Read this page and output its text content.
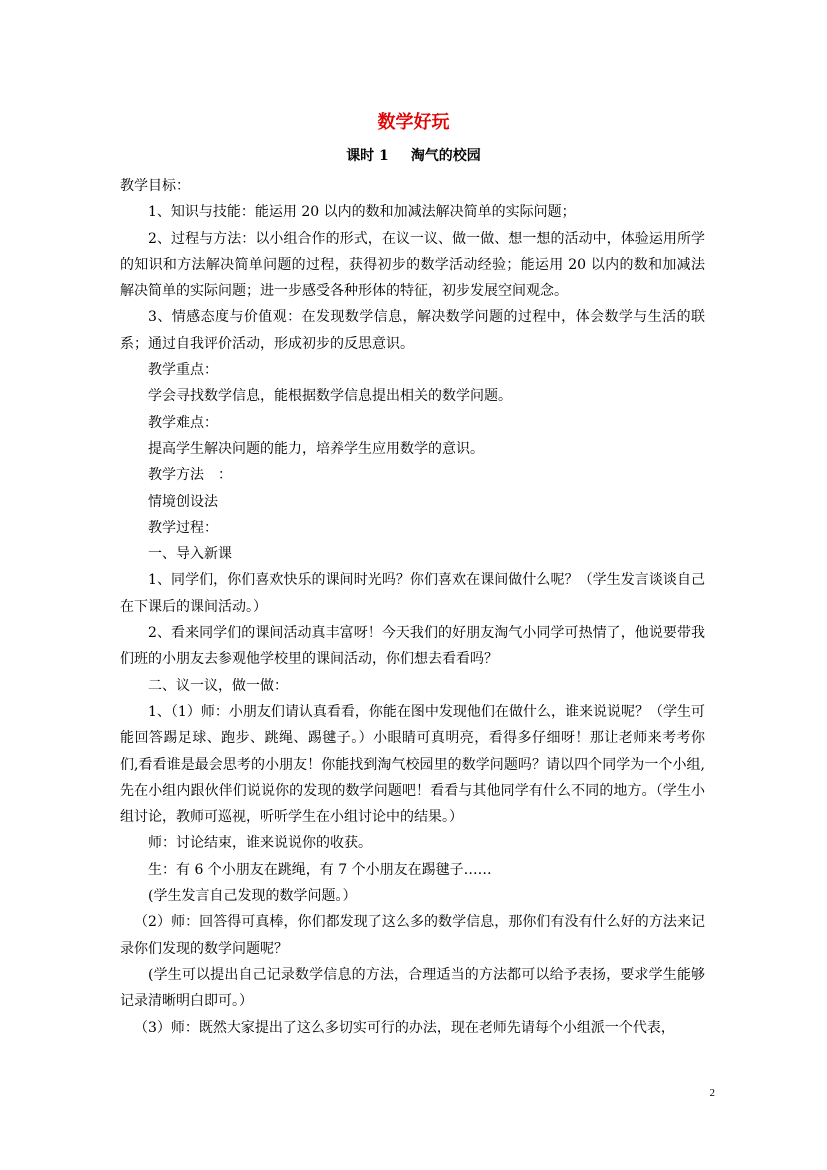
数学好玩
课时 1 淘气的校园

教学目标：

1、知识与技能：能运用 20 以内的数和加减法解决简单的实际问题；

2、过程与方法：以小组合作的形式，在议一议、做一做、想一想的活动中，体验运用所学的知识和方法解决简单问题的过程，获得初步的数学活动经验；能运用 20 以内的数和加减法解决简单的实际问题；进一步感受各种形体的特征，初步发展空间观念。

3、情感态度与价值观：在发现数学信息，解决数学问题的过程中，体会数学与生活的联系；通过自我评价活动，形成初步的反思意识。

教学重点：

学会寻找数学信息，能根据数学信息提出相关的数学问题。

教学难点：

提高学生解决问题的能力，培养学生应用数学的意识。

教学方法　：

情境创设法

教学过程：

一、导入新课

1、同学们，你们喜欢快乐的课间时光吗？你们喜欢在课间做什么呢？（学生发言谈谈自己在下课后的课间活动。）

2、看来同学们的课间活动真丰富呀！今天我们的好朋友淘气小同学可热情了，他说要带我们班的小朋友去参观他学校里的课间活动，你们想去看看吗？

二、议一议，做一做：

1、（1）师：小朋友们请认真看看，你能在图中发现他们在做什么，谁来说说呢？（学生可能回答踢足球、跑步、跳绳、踢毽子。）小眼睛可真明亮，看得多仔细呀！那让老师来考考你们,看看谁是最会思考的小朋友！你能找到淘气校园里的数学问题吗？请以四个同学为一个小组,先在小组内跟伙伴们说说你的发现的数学问题吧！看看与其他同学有什么不同的地方。（学生小组讨论，教师可巡视，听听学生在小组讨论中的结果。）

师：讨论结束，谁来说说你的收获。

生：有 6 个小朋友在跳绳，有 7 个小朋友在踢毽子……

(学生发言自己发现的数学问题。）

（2）师：回答得可真棒，你们都发现了这么多的数学信息，那你们有没有什么好的方法来记录你们发现的数学问题呢？

(学生可以提出自己记录数学信息的方法，合理适当的方法都可以给予表扬，要求学生能够记录清晰明白即可。）

（3）师：既然大家提出了这么多切实可行的办法，现在老师先请每个小组派一个代表，

2
